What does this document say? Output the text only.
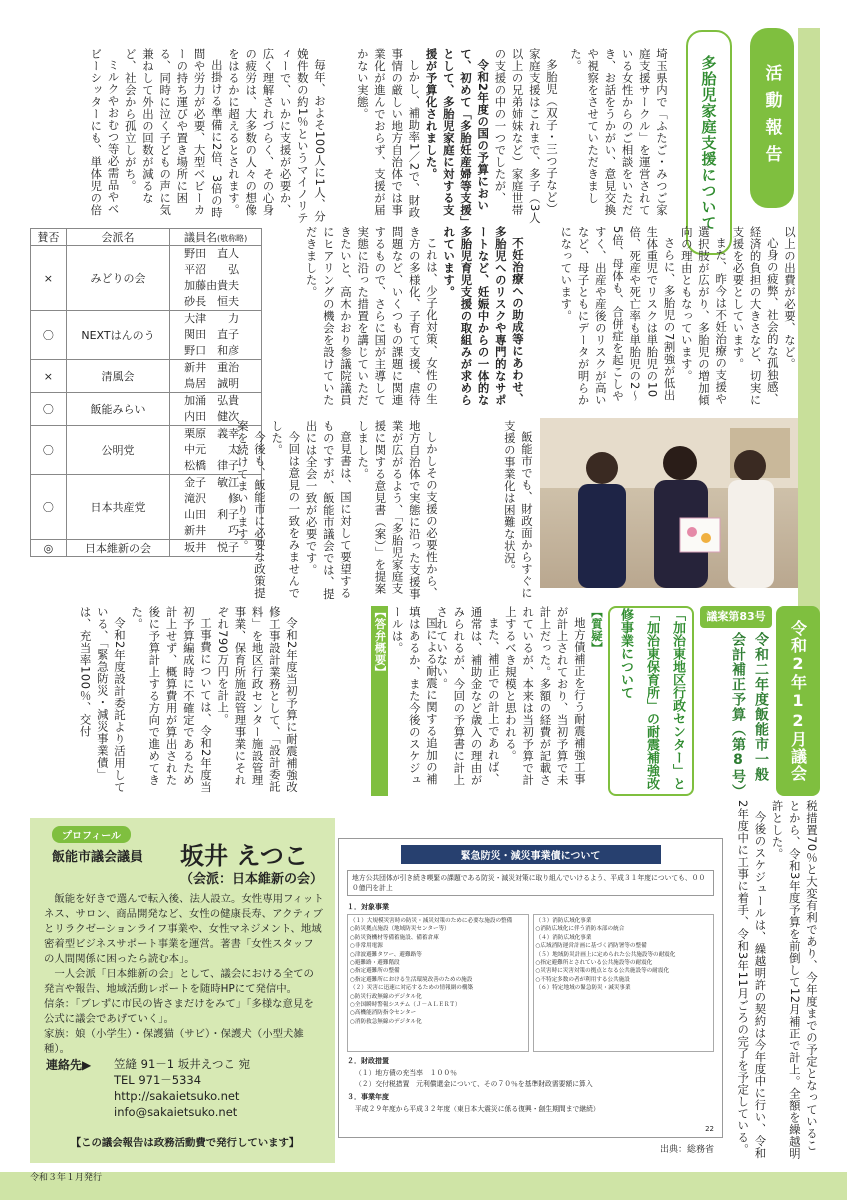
活動報告
多胎児家庭支援について
埼玉県内で「ふたご・みつご家庭支援サークル」を運営されている女性からのご相談をいただき、お話をうかがい、意見交換や視察をさせていただきました。

多胎児（双子・三つ子など）家庭支援はこれまで、多子（3人以上の兄弟姉妹など）家庭世帯の支援の中の一つでしたが、

令和2年度の国の予算において、初めて「多胎妊産婦等支援」として、多胎児家庭に対する支援が予算化されました。

しかし、補助率1／2で、財政事情の厳しい地方自治体では事業化が進んでおらず、支援が届かない実態。

毎年、およそ100人に1人、分娩件数の約1％というマイノリティーで、いかに支援が必要か、広く理解されづらく、その心身の疲労は、大多数の人々の想像をはるかに超えるとされます。

出掛ける準備に2倍、3倍の時間や労力が必要、大型ベビーカーの持ち運びや置き場所に困る、同時に泣く子どもの声に気兼ねして外出の回数が減るなど、社会から孤立しがち。

ミルクやおむつ等必需品やベビーシッターにも、単体児の倍

以上の出費が必要、など。

心身の疲弊、社会的な孤独感、経済的負担の大きさなど、切実に支援を必要としています。

また、昨今は不妊治療の支援や選択肢が広がり、多胎児の増加傾向の理由ともなっています。

さらに、多胎児の7割強が低出生体重児でリスクは単胎児の10倍、死産や死亡率も単胎児の2～5倍、母体も、合併症を起こしやすく、出産や産後のリスクが高いなど、母子ともにデータが明らかになっています。

不妊治療への助成等にあわせ、多胎児へのリスクや専門的なサポートなど、妊娠中からの一体的な多胎児育児支援の取組みが求められています。

これは、少子化対策、女性の生き方の多様化、子育て支援、虐待問題など、いくつもの課題に関連するもので、さらに国が主導して実態に沿った措置を講じていただきたいと、高木かおり参議院議員にヒアリングの機会を設けていただきました。

賛否	会派名	議員名(敬称略)
×	みどりの会	野田　直人
平沼　　弘
加藤由貴夫
砂長　恒夫

〇	NEXTはんのう	大津　　力
関田　直子
野口　和彦

×	清風会	新井　重治
鳥居　誠明

〇	飯能みらい	加涌　弘貴
内田　健次

〇	公明党	栗原　義幸
中元　　太
松橋　律子

〇	日本共産党	金子　敏江
滝沢　　修
山田　利子
新井　　巧

◎	日本維新の会	坂井　悦子	飯能市でも、財政面からすぐに支援の事業化は困難な状況。

しかしその支援の必要性から、地方自治体で実態に沿った支援事業が広がるよう、「多胎児家庭支援に関する意見書（案）」を提案しました。

意見書は、国に対して要望するものですが、飯能市議会では、提出には全会一致が必要です。

今回は意見の一致をみませんでした。

今後も、飯能市に必要な政策提案を続けてまいります。

令和2年12月議会
議案第83号
令和二年度飯能市一般会計補正予算（第8号）
「加治東地区行政センター」と「加治東保育所」の耐震補強改修事業について

【質疑】

地方債補正を行う耐震補強工事が計上されており、当初予算で未計上だった。多額の経費が記載されているが、本来は当初予算で計上するべき規模と思われる。

また、補正での計上であれば、通常は、補助金など歳入の理由がみられるが、今回の予算書に計上されていない。

国による耐震に関する追加の補填はあるか、また今後のスケジュールは。

【答弁概要】

令和2年度当初予算に耐震補強改修工事設計業務として、「設計委託料」を地区行政センター施設管理事業、保育所施設管理事業にそれぞれ790万円を計上。

工事費については、令和2年度当初予算編成時に不確定であるため計上せず、概算費用が算出された後に予算計上する方向で進めてきた。

令和2年度設計委託より活用している、「緊急防災・減災事業債」は、充当率100％、交付

税措置70％と大変有利であり、今年度までの予定となっていることから、令和3年度予算を前倒して12月補正で計上。全額を繰越明許とした。

今後のスケジュールは、繰越明許の契約は今年度中に行い、令和2年度中に工事に着手、令和3年11月ごろの完了を予定している。

プロフィール
飯能市議会議員 坂井 えつこ
（会派：日本維新の会）

飯能を好きで選んで転入後、法人設立。女性専用フィットネス、サロン、商品開発など、女性の健康長寿、アクティブとリラクゼーションライフ事業や、女性マネジメント、地域密着型ビジネスサポート事業を運営。著書「女性スタッフの人間関係に困ったら読む本」。

一人会派「日本維新の会」として、議会における全ての発言や報告、地域活動レポートを随時HPにて発信中。

信条：「ブレずに市民の皆さまだけをみて」「多様な意見を公式に議会であげていく」。

家族：娘（小学生）・保護猫（サビ）・保護犬（小型犬雑種）。

連絡先▶ 笠縫 91－1 坂井えつこ 宛
TEL 971－5334
http://sakaietsuko.net
info@sakaietsuko.net
【この議会報告は政務活動費で発行しています】
緊急防災・減災事業債について
地方公共団体が引き続き喫緊の課題である防災・減災対策に取り組んでいけるよう、平成３１年度についても、０００億円を計上
１．対象事業
（１）大規模災害時の防災・減災対策のために必要な施設の整備
○防災拠点施設（地域防災センター等）
○防災資機材等備蓄施設、備蓄倉庫
○非常用電源
○津波避難タワー、避難路等
○避難路・避難階段
○指定避難所の整備
○指定避難所における生活環境改善のための施設
（２）災害に迅速に対応するための情報網の構築
○防災行政無線のデジタル化
○全国瞬時警報システム（Ｊ－ＡＬＥＲＴ）
○高機能消防指令センター
○消防救急無線のデジタル化
（３）消防広域化事業
○消防広域化に伴う消防本部の統合
（４）消防広域化事業
○広域消防運営計画に基づく消防署等の整備
（５）地域防災計画上に定められた公共施設等の耐震化
○指定避難所とされている公共施設等の耐震化
○災害時に災害対策の拠点となる公共施設等の耐震化
○不特定多数の者が利用する公共施設
（６）特定地域の緊急防災・減災事業
２．財政措置
（１）地方債の充当率　１００％
（２）交付税措置　元利償還金について、その７０％を基準財政需要額に算入
３．事業年度
平成２９年度から平成３２年度（東日本大震災に係る復興・創生期間まで継続）
22
出典：総務省
令和３年１月発行
